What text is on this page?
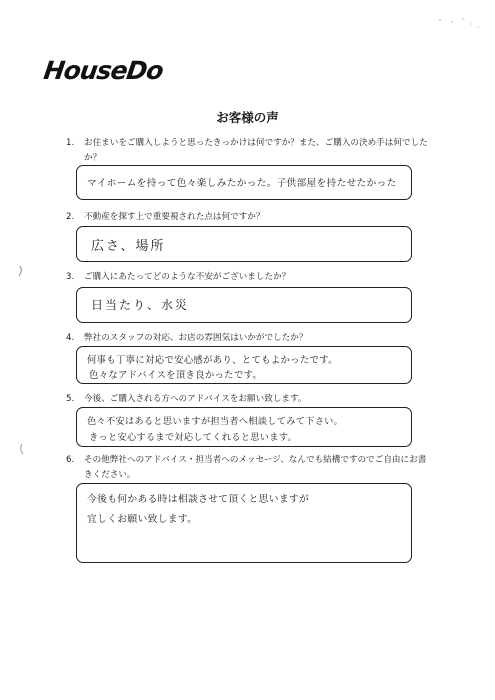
HouseDo
お客様の声
1. お住まいをご購入しようと思ったきっかけは何ですか？また、ご購入の決め手は何でしたか？
マイホームを持って色々楽しみたかった。子供部屋を持たせたかった
2. 不動産を探す上で重要視された点は何ですか？
広さ、場所
3. ご購入にあたってどのような不安がございましたか？
日当たり、水災
4. 弊社のスタッフの対応、お店の雰囲気はいかがでしたか？
何事も丁寧に対応で安心感があり、とてもよかったです。
色々なアドバイスを頂き良かったです。
5. 今後、ご購入される方へのアドバイスをお願い致します。
色々不安はあると思いますが担当者へ相談してみて下さい。
きっと安心するまで対応してくれると思います。
6. その他弊社へのアドバイス・担当者へのメッセージ、なんでも結構ですのでご自由にお書きください。
今後も何かある時は相談させて頂くと思いますが
宜しくお願い致します。
